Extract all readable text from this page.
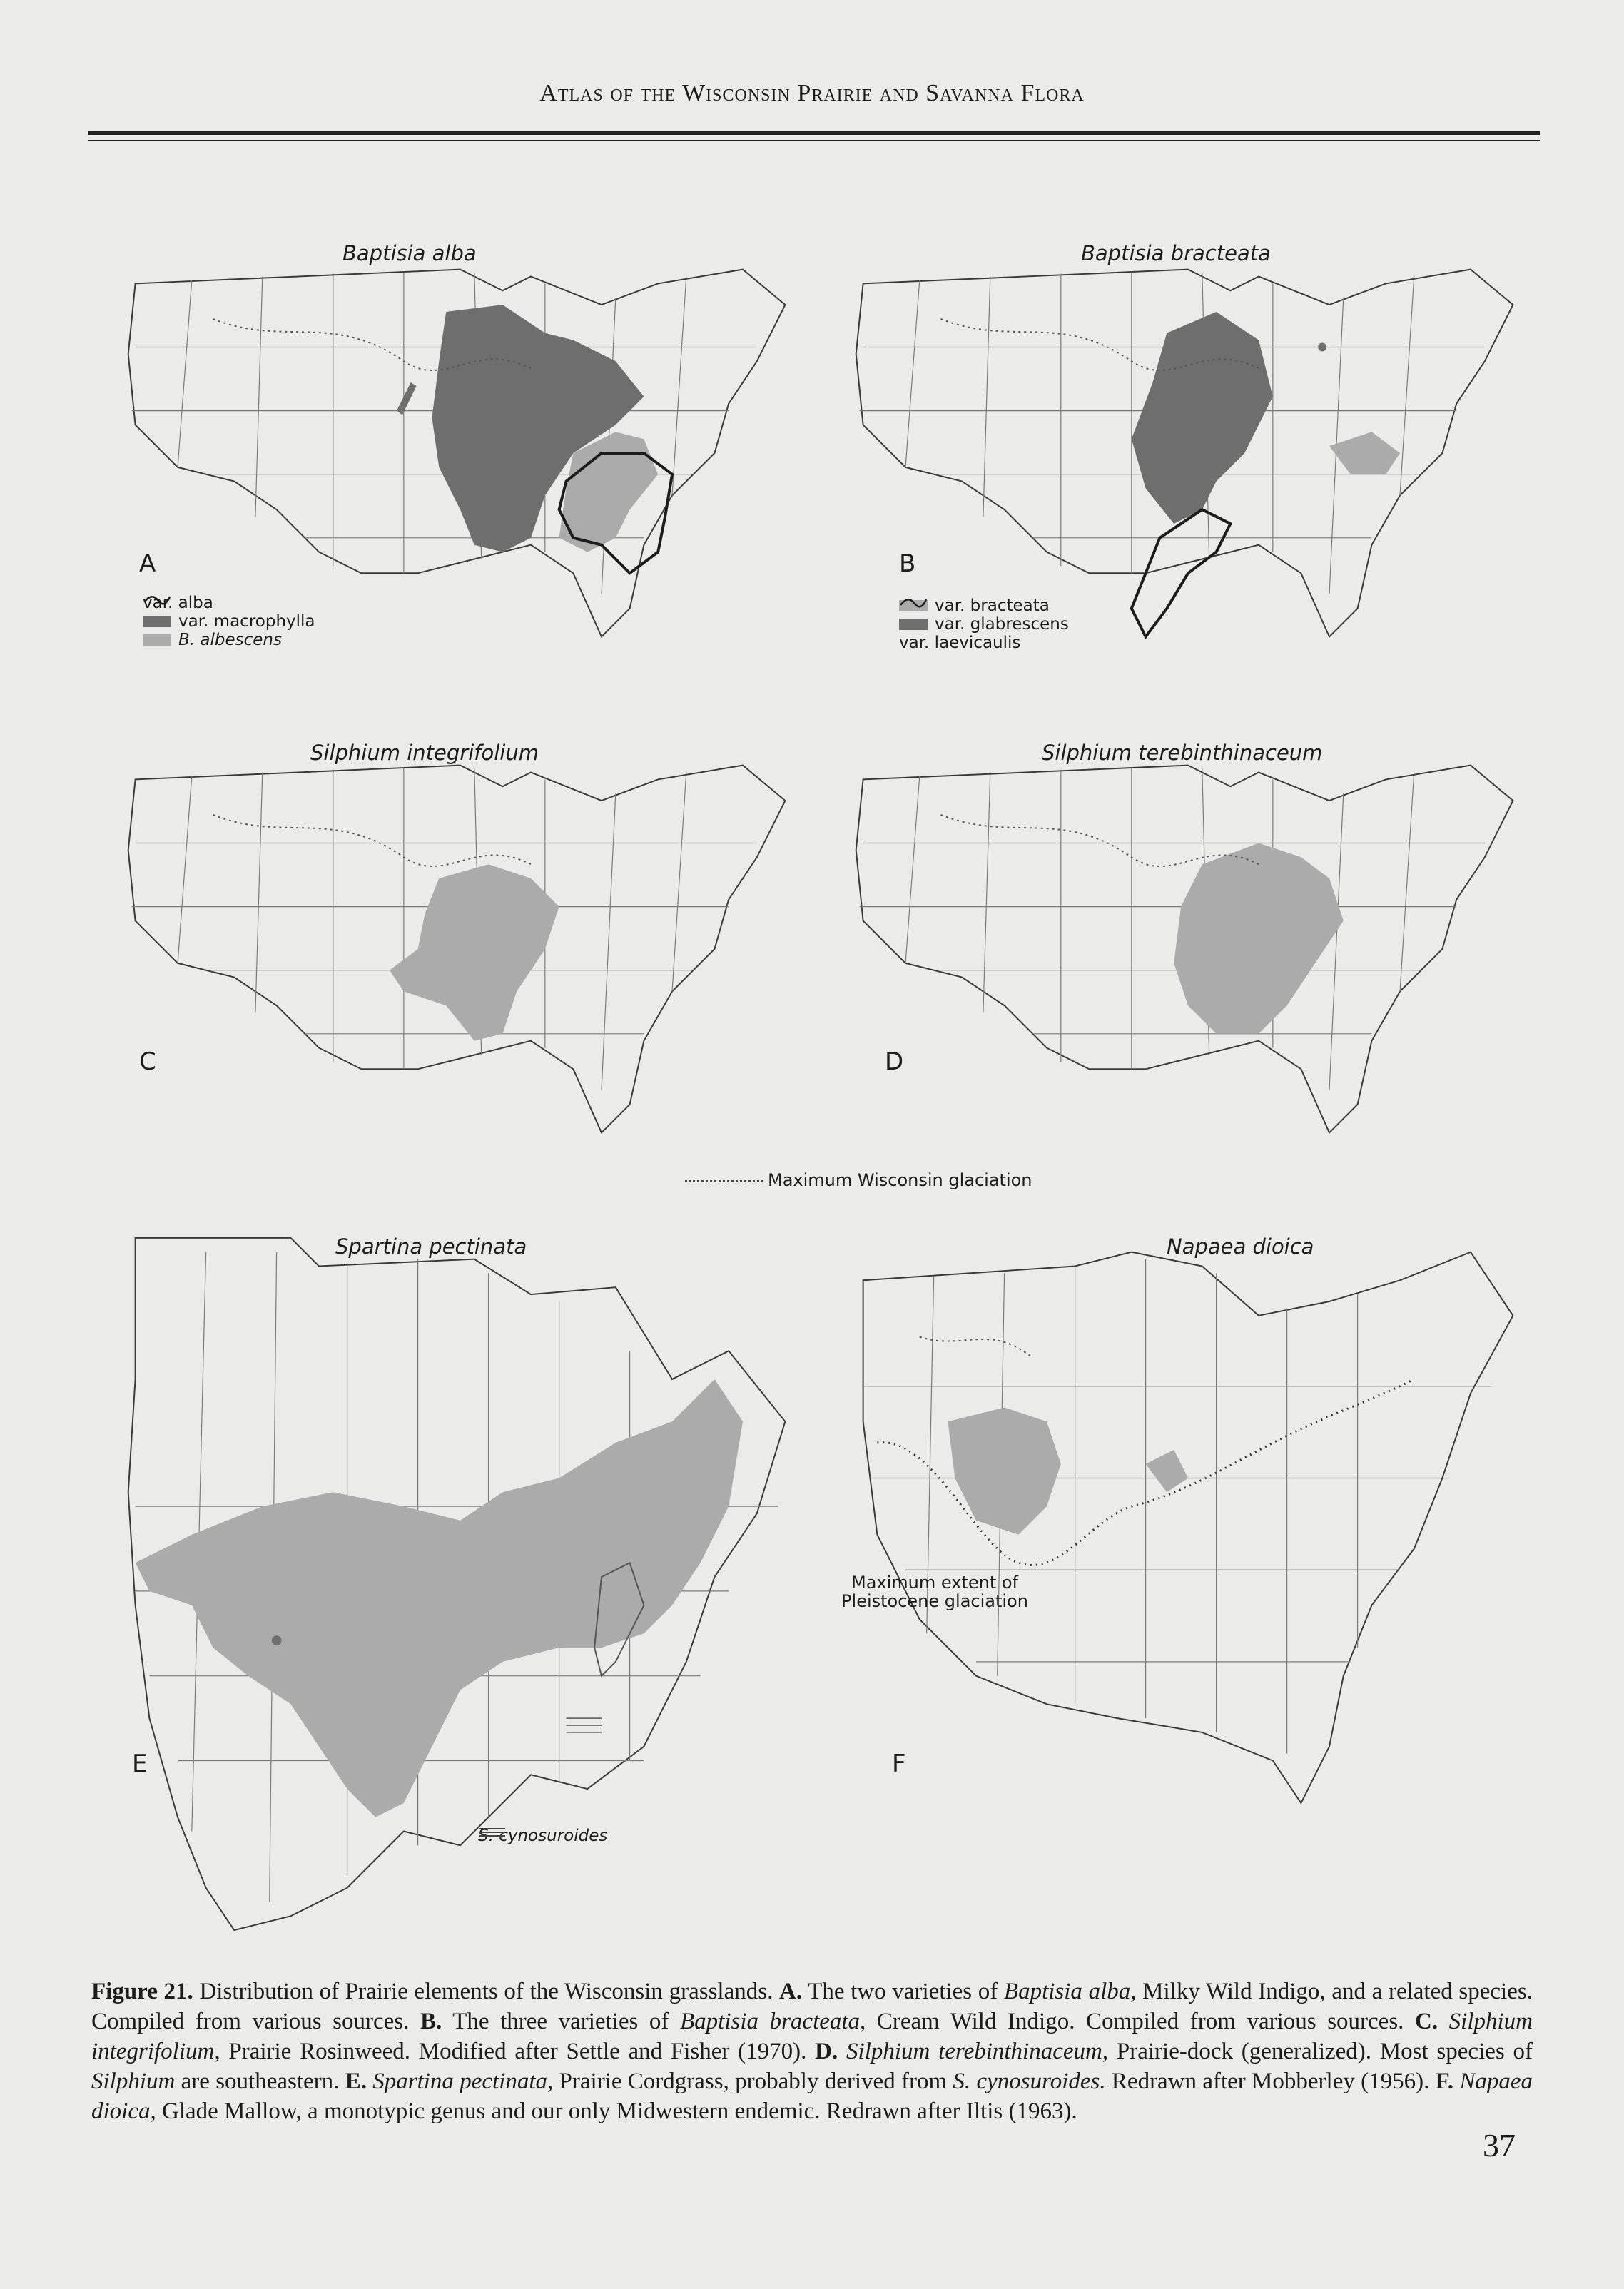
Atlas of the Wisconsin Prairie and Savanna Flora
Baptisia alba
A
var. alba
var. macrophylla
B. albescens
Baptisia bracteata
B
var. bracteata
var. glabrescens
var. laevicaulis
Silphium integrifolium
C
Silphium terebinthinaceum
D
Maximum Wisconsin glaciation
Spartina pectinata
E
S. cynosuroides
Napaea dioica
F
Maximum extent of
Pleistocene glaciation
Figure 21. Distribution of Prairie elements of the Wisconsin grasslands. A. The two varieties of Baptisia alba, Milky Wild Indigo, and a related species. Compiled from various sources. B. The three varieties of Baptisia bracteata, Cream Wild Indigo. Compiled from various sources. C. Silphium integrifolium, Prairie Rosinweed. Modified after Settle and Fisher (1970). D. Silphium terebinthinaceum, Prairie-dock (generalized). Most species of Silphium are southeastern. E. Spartina pectinata, Prairie Cordgrass, probably derived from S. cynosuroides. Redrawn after Mobberley (1956). F. Napaea dioica, Glade Mallow, a monotypic genus and our only Midwestern endemic. Redrawn after Iltis (1963).
37
